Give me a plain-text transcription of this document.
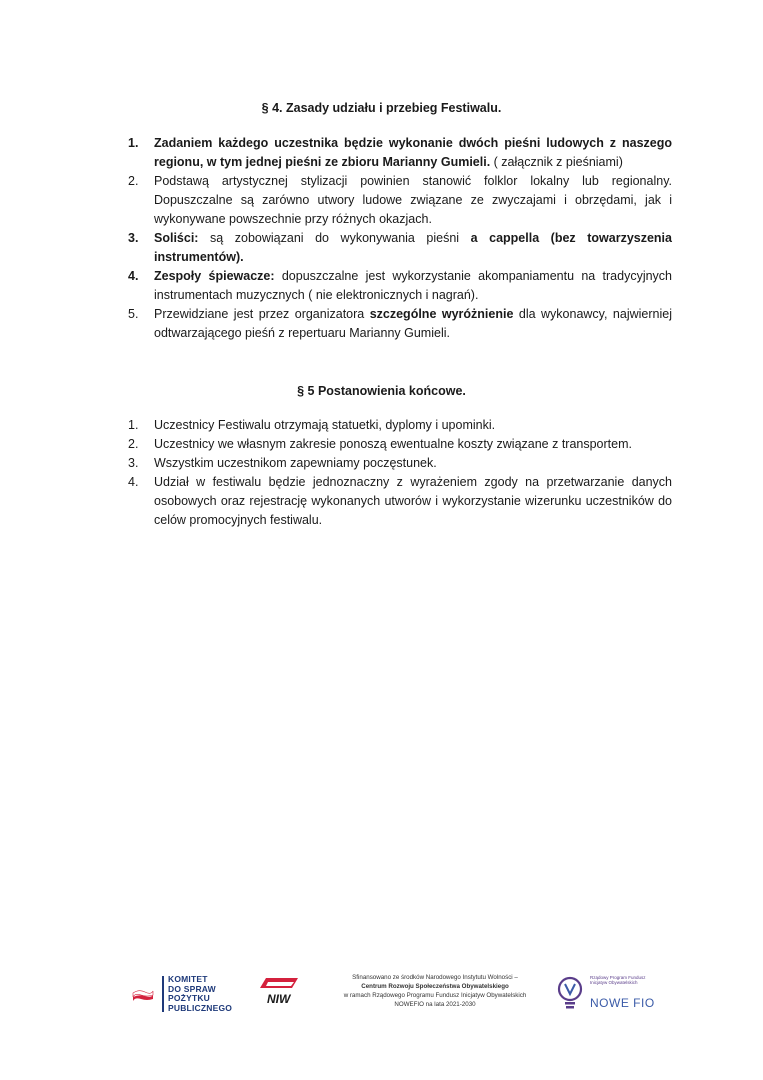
§ 4. Zasady udziału i przebieg Festiwalu.
1.	Zadaniem każdego uczestnika będzie wykonanie dwóch pieśni ludowych z naszego regionu, w tym jednej pieśni ze zbioru Marianny Gumieli. ( załącznik z pieśniami)
2.	Podstawą artystycznej stylizacji powinien stanowić folklor lokalny lub regionalny. Dopuszczalne są zarówno utwory ludowe związane ze zwyczajami i obrzędami, jak i wykonywane powszechnie przy różnych okazjach.
3.	Soliści: są zobowiązani do wykonywania pieśni a cappella (bez towarzyszenia instrumentów).
4.	Zespoły śpiewacze: dopuszczalne jest wykorzystanie akompaniamentu na tradycyjnych instrumentach muzycznych ( nie elektronicznych i nagrań).
5.	Przewidziane jest przez organizatora szczególne wyróżnienie dla wykonawcy, najwierniej odtwarzającego pieśń z repertuaru Marianny Gumieli.
§ 5 Postanowienia końcowe.
1.	Uczestnicy Festiwalu otrzymają statuetki, dyplomy i upominki.
2.	Uczestnicy we własnym zakresie ponoszą ewentualne koszty związane z transportem.
3.	Wszystkim uczestnikom zapewniamy poczęstunek.
4.	Udział w festiwalu będzie jednoznaczny z wyrażeniem zgody na przetwarzanie danych osobowych oraz rejestrację wykonanych utworów i wykorzystanie wizerunku uczestników do celów promocyjnych festiwalu.
KOMITET
DO SPRAW
POŻYTKU
PUBLICZNEGO
NIW

Sfinansowano ze środków Narodowego Instytutu Wolności –
Centrum Rozwoju Społeczeństwa Obywatelskiego
w ramach Rządowego Programu Fundusz Inicjatyw Obywatelskich
NOWEFIO na lata 2021-2030
Rządowy Program Fundusz Inicjatyw Obywatelskich
NOWE FIO
